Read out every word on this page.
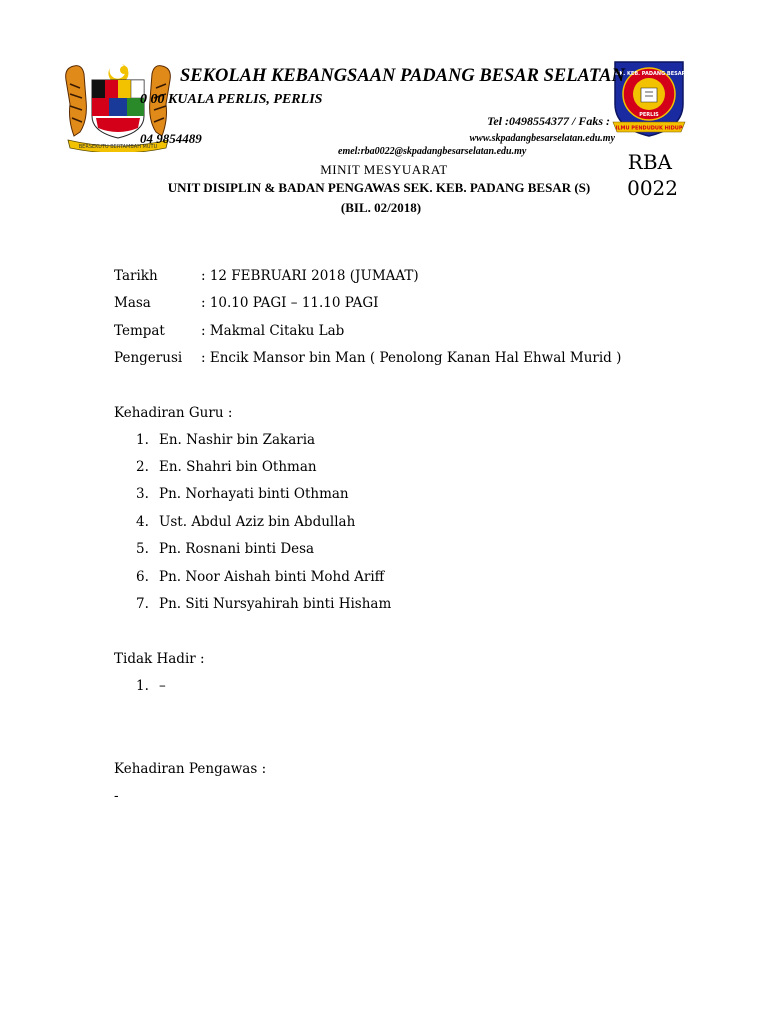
BERSEKUTU BERTAMBAH MUTU
SEK. KEB. PADANG BESAR
PERLIS
ILMU PENDUDUK HIDUP
SEKOLAH KEBANGSAAN PADANG BESAR SELATAN
0 00 KUALA PERLIS, PERLIS
Tel :0498554377 / Faks :
04 9854489	www.skpadangbesarselatan.edu.my
emel:rba0022@skpadangbesarselatan.edu.my	RBA
0022
MINIT MESYUARAT
UNIT DISIPLIN & BADAN PENGAWAS SEK. KEB. PADANG BESAR (S)
(BIL. 02/2018)
Tarikh	: 12 FEBRUARI 2018 (JUMAAT)
Masa	: 10.10 PAGI – 11.10 PAGI
Tempat	: Makmal Citaku Lab
Pengerusi : Encik Mansor bin Man ( Penolong Kanan Hal Ehwal Murid )
Kehadiran Guru :
1. En. Nashir bin Zakaria
2. En. Shahri bin Othman
3. Pn. Norhayati binti Othman
4. Ust. Abdul Aziz bin Abdullah
5. Pn. Rosnani binti Desa
6. Pn. Noor Aishah binti Mohd Ariff
7. Pn. Siti Nursyahirah binti Hisham
Tidak Hadir :
1. –
Kehadiran Pengawas :
-
